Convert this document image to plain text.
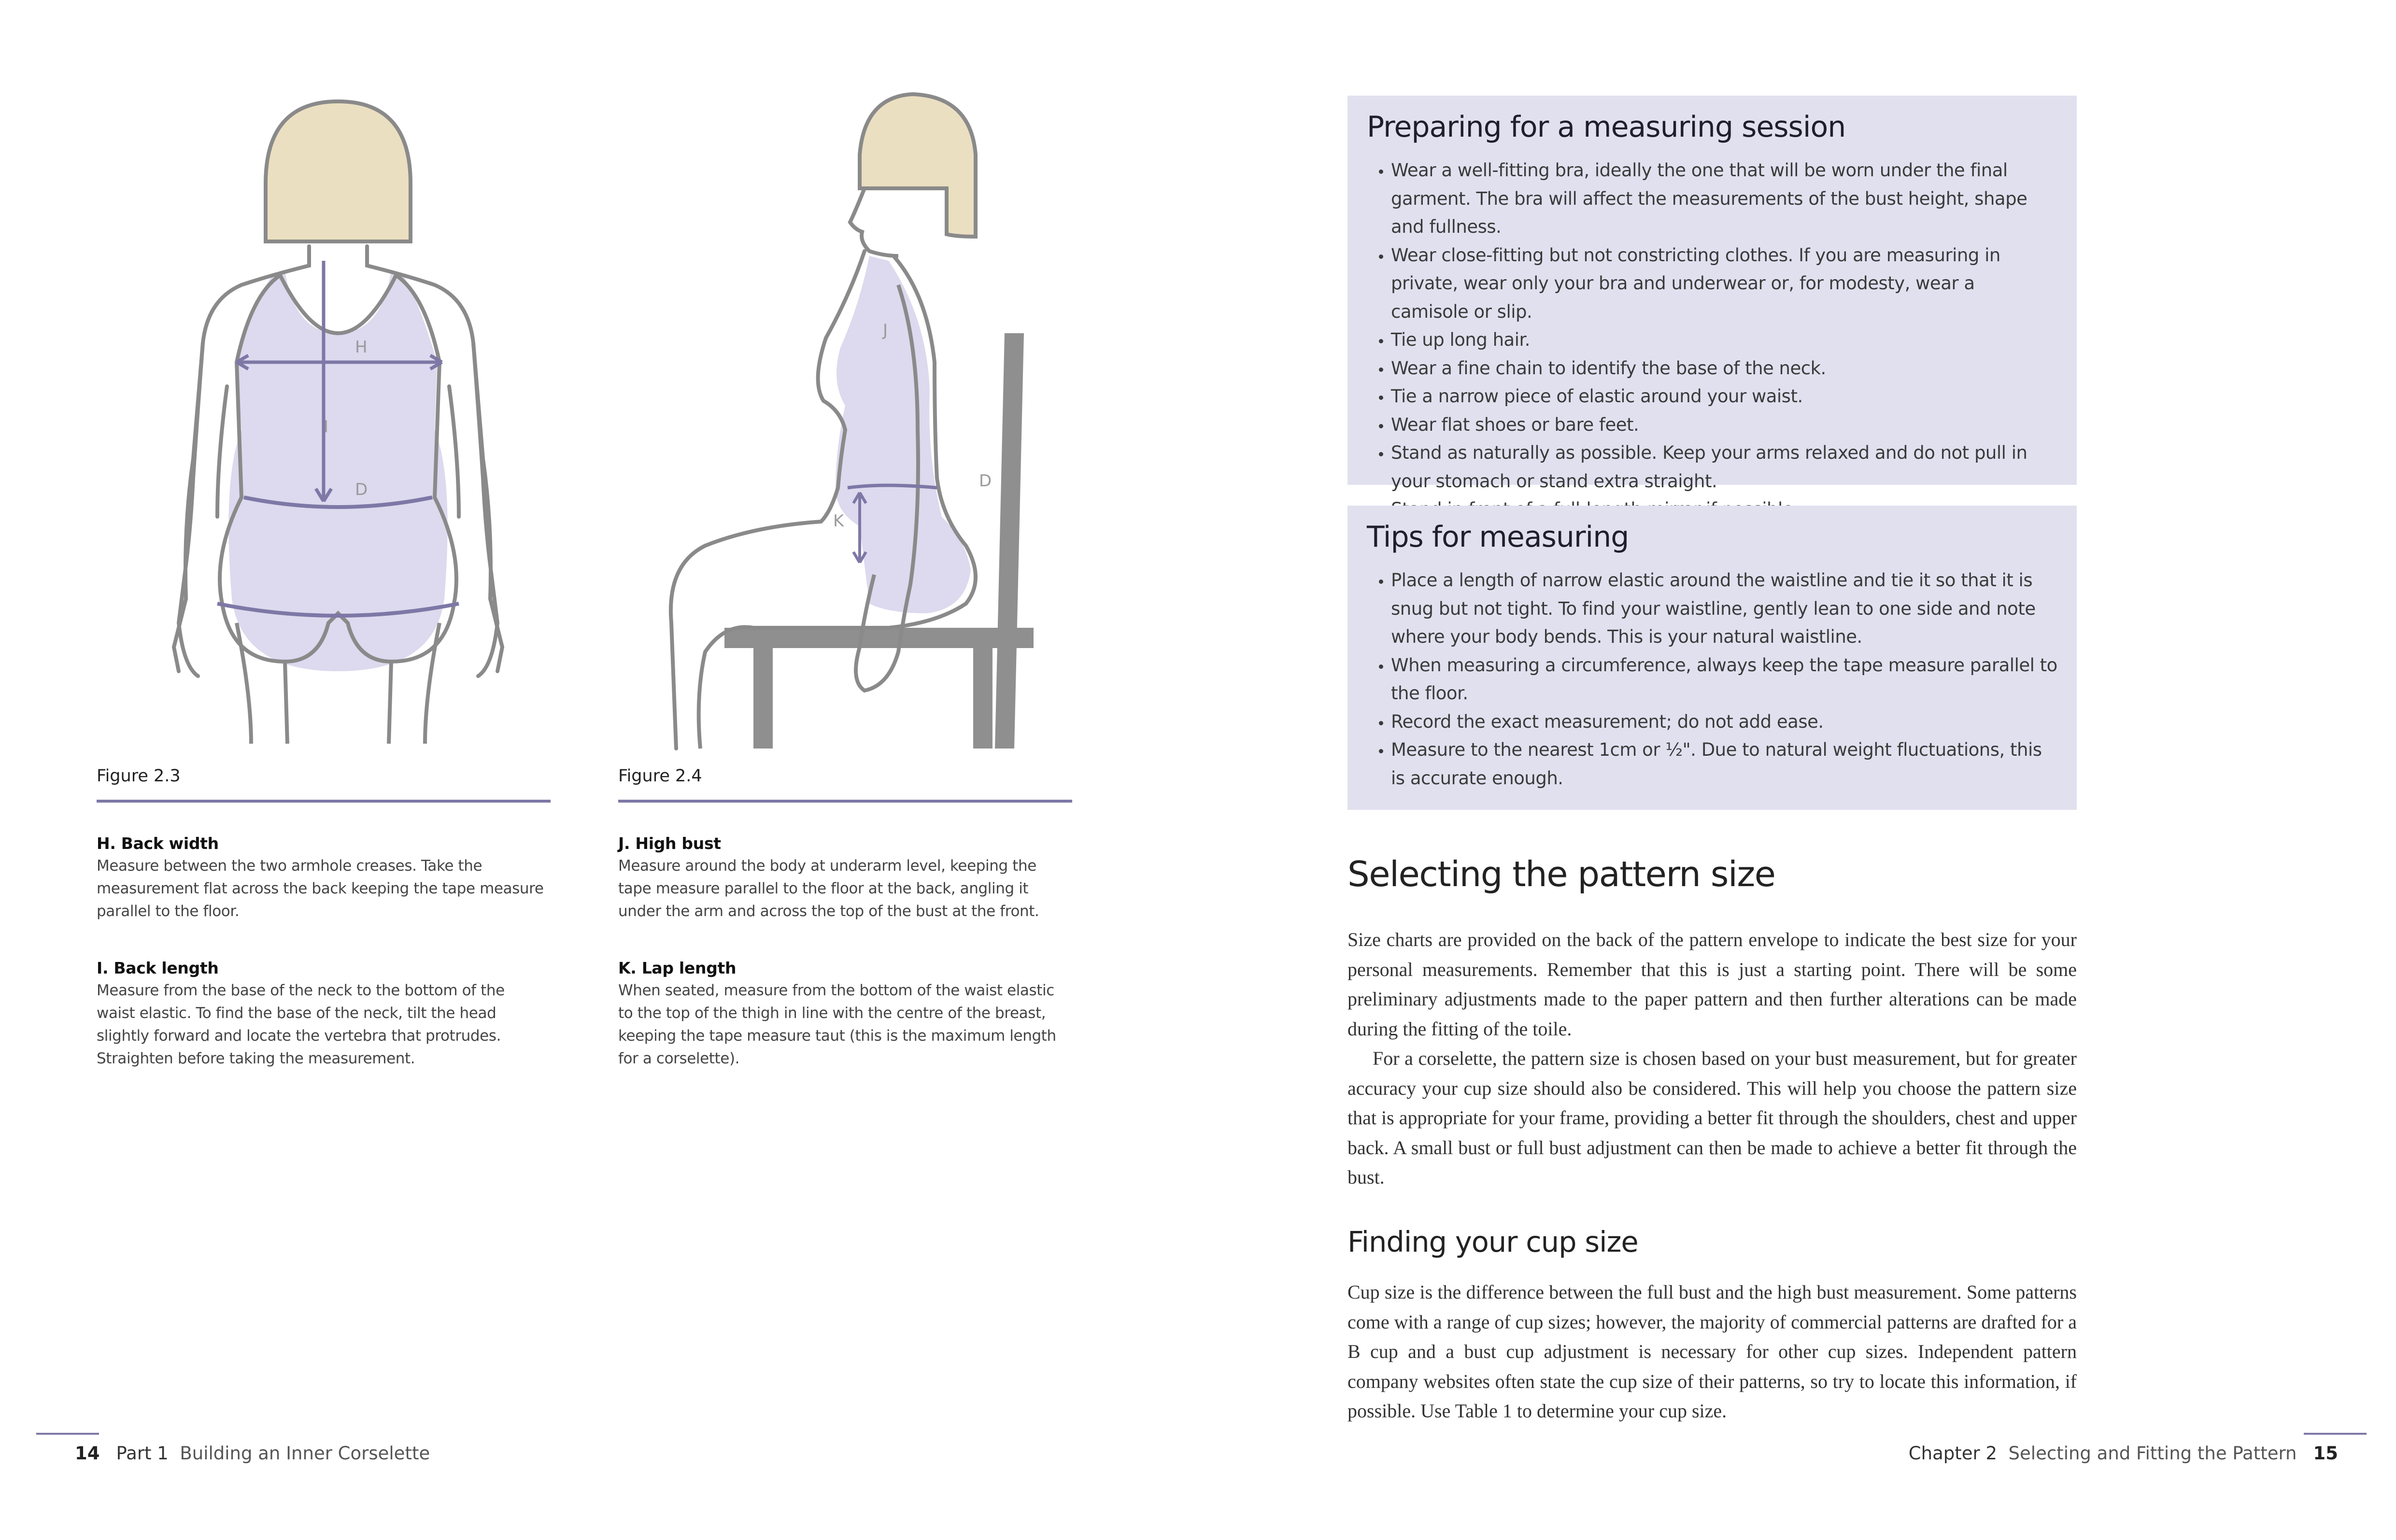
H
I
D
J
K
D
Figure 2.3	Figure 2.4
H. Back width
Measure between the two armhole creases. Take the measurement flat across the back keeping the tape measure parallel to the floor.
I. Back length
Measure from the base of the neck to the bottom of the waist elastic. To find the base of the neck, tilt the head slightly forward and locate the vertebra that protrudes. Straighten before taking the measurement.
J. High bust
Measure around the body at underarm level, keeping the tape measure parallel to the floor at the back, angling it under the arm and across the top of the bust at the front.
K. Lap length
When seated, measure from the bottom of the waist elastic to the top of the thigh in line with the centre of the breast, keeping the tape measure taut (this is the maximum length for a corselette).
Preparing for a measuring session
• Wear a well-fitting bra, ideally the one that will be worn under the final garment. The bra will affect the measurements of the bust height, shape and fullness.
• Wear close-fitting but not constricting clothes. If you are measuring in private, wear only your bra and underwear or, for modesty, wear a camisole or slip.
• Tie up long hair.
• Wear a fine chain to identify the base of the neck.
• Tie a narrow piece of elastic around your waist.
• Wear flat shoes or bare feet.
• Stand as naturally as possible. Keep your arms relaxed and do not pull in your stomach or stand extra straight.
•
Tips for measuring
• Place a length of narrow elastic around the waistline and tie it so that it is snug but not tight. To find your waistline, gently lean to one side and note where your body bends. This is your natural waistline.
• When measuring a circumference, always keep the tape measure parallel to the floor.
• Record the exact measurement; do not add ease.
• Measure to the nearest 1cm or ½". Due to natural weight fluctuations, this is accurate enough.
Selecting the pattern size

Size charts are provided on the back of the pattern envelope to indicate the best size for your personal measurements. Remember that this is just a starting point. There will be some preliminary adjustments made to the paper pattern and then further alterations can be made during the fitting of the toile.

For a corselette, the pattern size is chosen based on your bust measurement, but for greater accuracy your cup size should also be considered. This will help you choose the pattern size that is appropriate for your frame, providing a better fit through the shoulders, chest and upper back. A small bust or full bust adjustment can then be made to achieve a better fit through the bust.

Finding your cup size

Cup size is the difference between the full bust and the high bust measurement. Some patterns come with a range of cup sizes; however, the majority of commercial patterns are drafted for a B cup and a bust cup adjustment is necessary for other cup sizes. Independent pattern company websites often state the cup size of their patterns, so try to locate this information, if possible. Use Table 1 to determine your cup size.

14 Part 1 Building an Inner Corselette	Chapter 2 Selecting and Fitting the Pattern 15
